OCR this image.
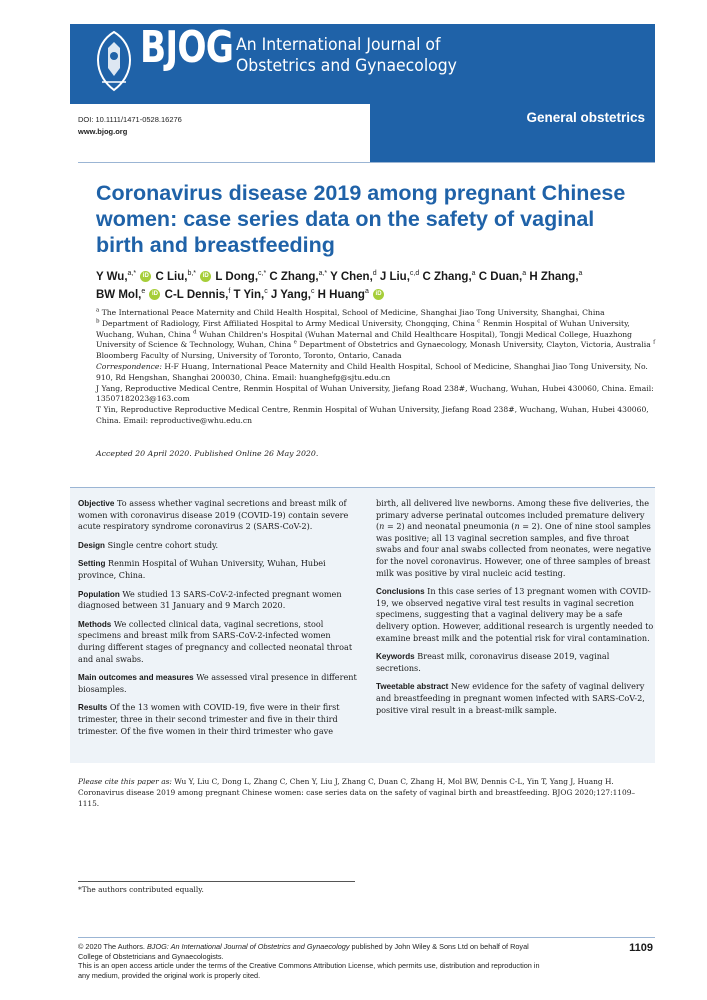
BJOG An International Journal of
Obstetrics and Gynaecology
DOI: 10.1111/1471-0528.16276
www.bjog.org
General obstetrics
Coronavirus disease 2019 among pregnant Chinese women: case series data on the safety of vaginal birth and breastfeeding
Y Wu,$^{a,*}$ iD C Liu,$^{b,*}$ iD L Dong,$^{c,*}$ C Zhang,$^{a,*}$ Y Chen,$^d$ J Liu,$^{c,d}$ C Zhang,$^a$ C Duan,$^a$ H Zhang,$^a$
BW Mol,$^e$ iD C-L Dennis,$^f$ T Yin,$^c$ J Yang,$^c$ H Huang$^a$ iD

$^a$ The International Peace Maternity and Child Health Hospital, School of Medicine, Shanghai Jiao Tong University, Shanghai, China
$^b$ Department of Radiology, First Affiliated Hospital to Army Medical University, Chongqing, China $^c$ Renmin Hospital of Wuhan University, Wuchang, Wuhan, China $^d$ Wuhan Children's Hospital (Wuhan Maternal and Child Healthcare Hospital), Tongji Medical College, Huazhong University of Science & Technology, Wuhan, China $^e$ Department of Obstetrics and Gynaecology, Monash University, Clayton, Victoria, Australia $^f$ Bloomberg Faculty of Nursing, University of Toronto, Toronto, Ontario, Canada

Correspondence: H-F Huang, International Peace Maternity and Child Health Hospital, School of Medicine, Shanghai Jiao Tong University, No. 910, Rd Hengshan, Shanghai 200030, China. Email: huanghefg@sjtu.edu.cn

J Yang, Reproductive Medical Centre, Renmin Hospital of Wuhan University, Jiefang Road 238#, Wuchang, Wuhan, Hubei 430060, China. Email: 13507182023@163.com

T Yin, Reproductive Reproductive Medical Centre, Renmin Hospital of Wuhan University, Jiefang Road 238#, Wuchang, Wuhan, Hubei 430060, China. Email: reproductive@whu.edu.cn

Accepted 20 April 2020. Published Online 26 May 2020.

Objective To assess whether vaginal secretions and breast milk of women with coronavirus disease 2019 (COVID-19) contain severe acute respiratory syndrome coronavirus 2 (SARS-CoV-2).

Design Single centre cohort study.

Setting Renmin Hospital of Wuhan University, Wuhan, Hubei province, China.

Population We studied 13 SARS-CoV-2-infected pregnant women diagnosed between 31 January and 9 March 2020.

Methods We collected clinical data, vaginal secretions, stool specimens and breast milk from SARS-CoV-2-infected women during different stages of pregnancy and collected neonatal throat and anal swabs.

Main outcomes and measures We assessed viral presence in different biosamples.

Results Of the 13 women with COVID-19, five were in their first trimester, three in their second trimester and five in their third trimester. Of the five women in their third trimester who gave

birth, all delivered live newborns. Among these five deliveries, the primary adverse perinatal outcomes included premature delivery (n = 2) and neonatal pneumonia (n = 2). One of nine stool samples was positive; all 13 vaginal secretion samples, and five throat swabs and four anal swabs collected from neonates, were negative for the novel coronavirus. However, one of three samples of breast milk was positive by viral nucleic acid testing.

Conclusions In this case series of 13 pregnant women with COVID-19, we observed negative viral test results in vaginal secretion specimens, suggesting that a vaginal delivery may be a safe delivery option. However, additional research is urgently needed to examine breast milk and the potential risk for viral contamination.

Keywords Breast milk, coronavirus disease 2019, vaginal secretions.

Tweetable abstract New evidence for the safety of vaginal delivery and breastfeeding in pregnant women infected with SARS-CoV-2, positive viral result in a breast-milk sample.

Please cite this paper as: Wu Y, Liu C, Dong L, Zhang C, Chen Y, Liu J, Zhang C, Duan C, Zhang H, Mol BW, Dennis C-L, Yin T, Yang J, Huang H. Coronavirus disease 2019 among pregnant Chinese women: case series data on the safety of vaginal birth and breastfeeding. BJOG 2020;127:1109–1115.
*The authors contributed equally.
© 2020 The Authors. BJOG: An International Journal of Obstetrics and Gynaecology published by John Wiley & Sons Ltd on behalf of Royal College of Obstetricians and Gynaecologists.
This is an open access article under the terms of the Creative Commons Attribution License, which permits use, distribution and reproduction in any medium, provided the original work is properly cited.
1109
